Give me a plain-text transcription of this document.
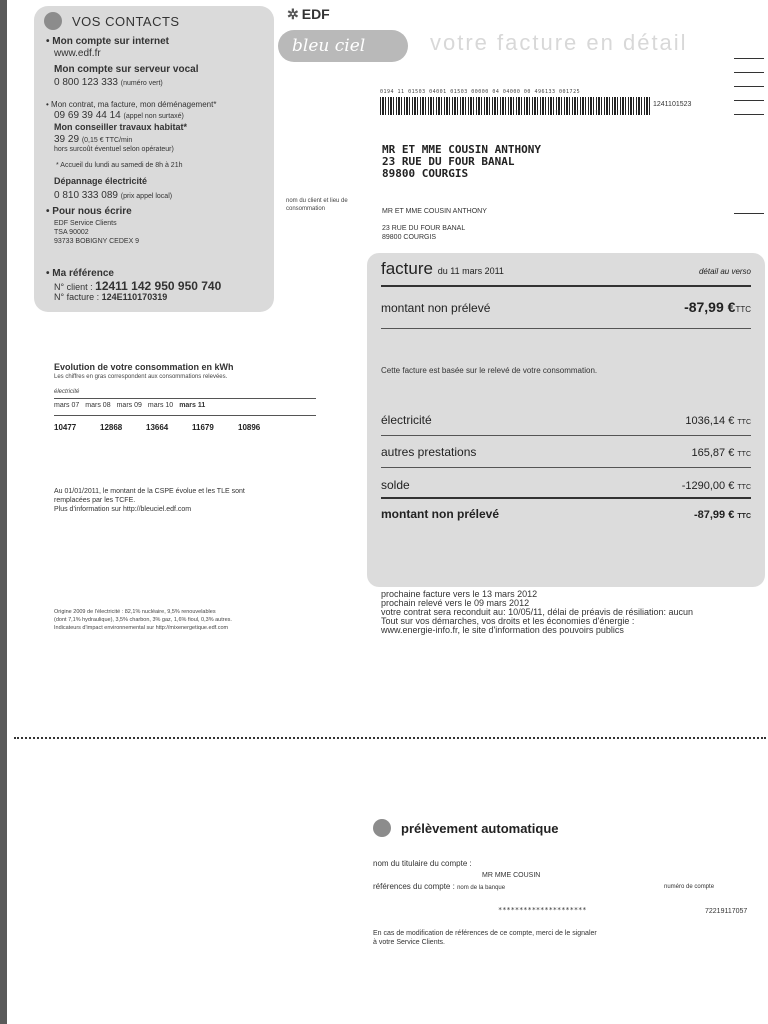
VOS CONTACTS
• Mon compte sur internet
www.edf.fr
Mon compte sur serveur vocal
0 800 123 333 (numéro vert)
• Mon contrat, ma facture, mon déménagement*
09 69 39 44 14 (appel non surtaxé)
Mon conseiller travaux habitat*
39 29 (0,15 € TTC/min
hors surcoût éventuel selon opérateur)
* Accueil du lundi au samedi de 8h à 21h
Dépannage électricité
0 810 333 089 (prix appel local)
• Pour nous écrire
EDF Service Clients
TSA 90002
93733 BOBIGNY CEDEX 9
• Ma référence
N° client : 12411 142 950 950 740
N° facture : 124E110170319
✲ EDF
bleu ciel	votre facture en détail
0194 11 01503 04001 01503 00000 04 04000 00 496133 001725
1241101523
MR ET MME COUSIN ANTHONY
23 RUE DU FOUR BANAL
89800 COURGIS
nom du client et lieu de consommation	MR ET MME COUSIN ANTHONY
23 RUE DU FOUR BANAL
89800 COURGIS
facture du 11 mars 2011	détail au verso
montant non prélevé	-87,99 €TTC
Cette facture est basée sur le relevé de votre consommation.
électricité	1036,14 € TTC
autres prestations	165,87 € TTC
solde	-1290,00 € TTC
montant non prélevé	-87,99 € TTC
prochaine facture vers le 13 mars 2012
prochain relevé vers le 09 mars 2012
votre contrat sera reconduit au: 10/05/11, délai de préavis de résiliation: aucun
Tout sur vos démarches, vos droits et les économies d'énergie :
www.energie-info.fr, le site d'information des pouvoirs publics
Evolution de votre consommation en kWh
Les chiffres en gras correspondent aux consommations relevées.
électricité
mars 07 mars 08 mars 09 mars 10 mars 11
10477	12868	13664	11679	10896
Au 01/01/2011, le montant de la CSPE évolue et les TLE sont
remplacées par les TCFE.
Plus d'information sur http://bleuciel.edf.com
Origine 2009 de l'électricité : 82,1% nucléaire, 9,5% renouvelables
(dont 7,1% hydraulique), 3,5% charbon, 3% gaz, 1,6% fioul, 0,3% autres.
Indicateurs d'impact environnemental sur http://mixenergetique.edf.com
prélèvement automatique
nom du titulaire du compte :
MR MME COUSIN
références du compte : nom de la banque	numéro de compte
*********************	72219117057
En cas de modification de références de ce compte, merci de le signaler
à votre Service Clients.
